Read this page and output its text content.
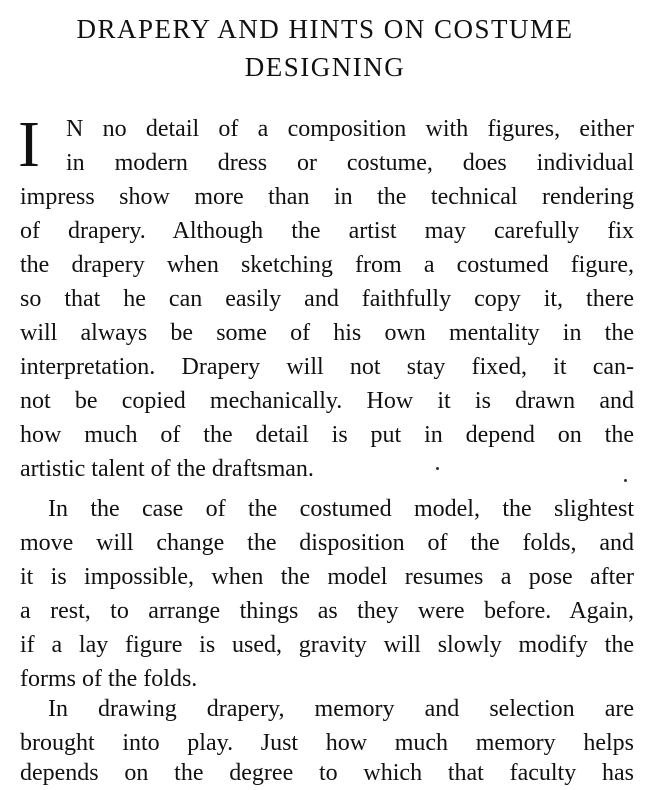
DRAPERY AND HINTS ON COSTUME
DESIGNING
I N no detail of a composition with figures, either
in modern dress or costume, does individual
impress show more than in the technical rendering
of drapery. Although the artist may carefully fix
the drapery when sketching from a costumed figure,
so that he can easily and faithfully copy it, there
will always be some of his own mentality in the
interpretation. Drapery will not stay fixed, it can-
not be copied mechanically. How it is drawn and
how much of the detail is put in depend on the
artistic talent of the draftsman.
In the case of the costumed model, the slightest
move will change the disposition of the folds, and
it is impossible, when the model resumes a pose after
a rest, to arrange things as they were before. Again,
if a lay figure is used, gravity will slowly modify the
forms of the folds.
In drawing drapery, memory and selection are
brought into play. Just how much memory helps
depends on the degree to which that faculty has
